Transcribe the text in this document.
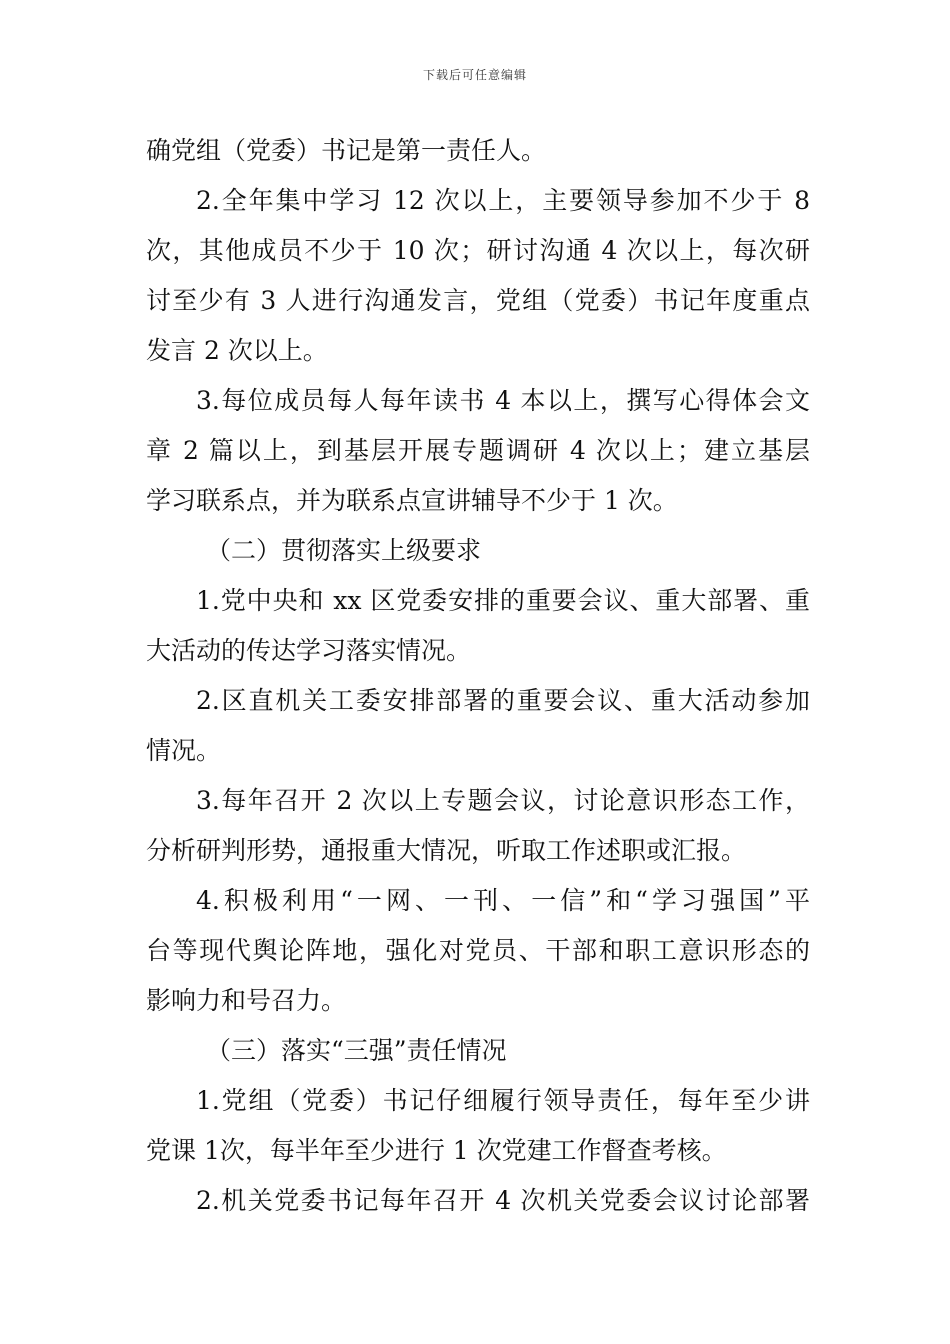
下载后可任意编辑
确党组（党委）书记是第一责任人。
2.全年集中学习 12 次以上，主要领导参加不少于 8
次，其他成员不少于 10 次；研讨沟通 4 次以上，每次研
讨至少有 3 人进行沟通发言，党组（党委）书记年度重点
发言 2 次以上。
3.每位成员每人每年读书 4 本以上，撰写心得体会文
章 2 篇以上，到基层开展专题调研 4 次以上；建立基层
学习联系点，并为联系点宣讲辅导不少于 1 次。
（二）贯彻落实上级要求
1.党中央和 xx 区党委安排的重要会议、重大部署、重
大活动的传达学习落实情况。
2.区直机关工委安排部署的重要会议、重大活动参加
情况。
3.每年召开 2 次以上专题会议，讨论意识形态工作，
分析研判形势，通报重大情况，听取工作述职或汇报。
4.积极利用“一网、一刊、一信”和“学习强国”平
台等现代舆论阵地，强化对党员、干部和职工意识形态的
影响力和号召力。
（三）落实“三强”责任情况
1.党组（党委）书记仔细履行领导责任，每年至少讲
党课 1次，每半年至少进行 1 次党建工作督查考核。
2.机关党委书记每年召开 4 次机关党委会议讨论部署
